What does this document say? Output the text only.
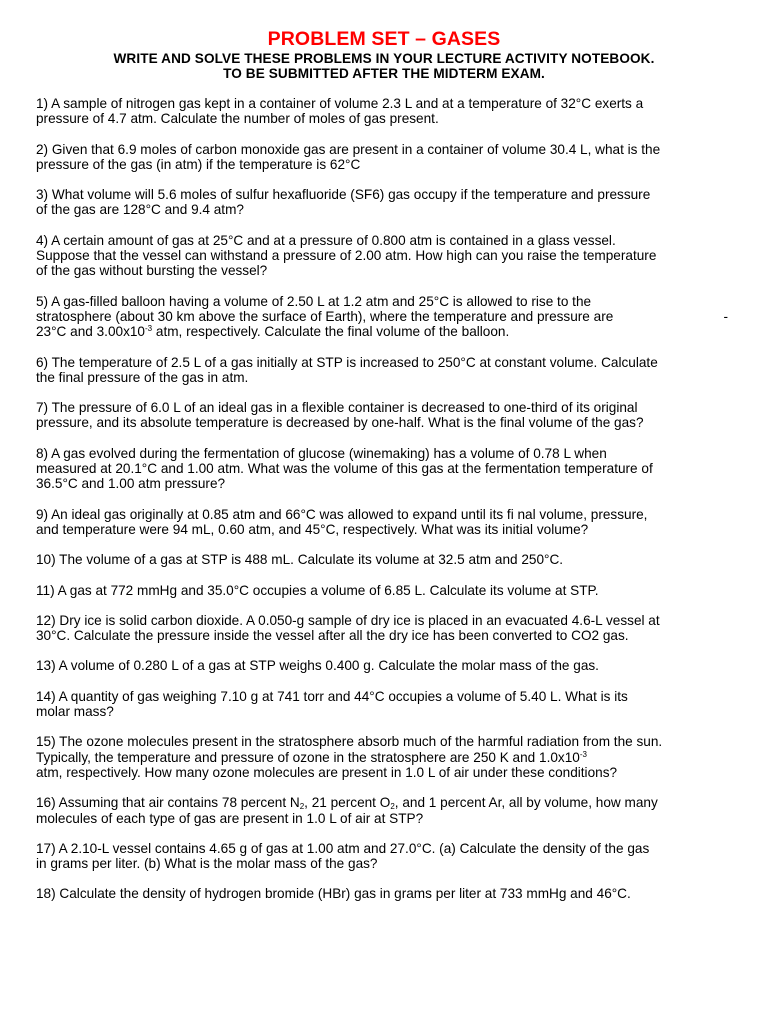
PROBLEM SET – GASES
WRITE AND SOLVE THESE PROBLEMS IN YOUR LECTURE ACTIVITY NOTEBOOK.
TO BE SUBMITTED AFTER THE MIDTERM EXAM.
1) A sample of nitrogen gas kept in a container of volume 2.3 L and at a temperature of 32°C exerts a
pressure of 4.7 atm. Calculate the number of moles of gas present.
2) Given that 6.9 moles of carbon monoxide gas are present in a container of volume 30.4 L, what is the
pressure of the gas (in atm) if the temperature is 62°C
3) What volume will 5.6 moles of sulfur hexafluoride (SF6) gas occupy if the temperature and pressure
of the gas are 128°C and 9.4 atm?
4) A certain amount of gas at 25°C and at a pressure of 0.800 atm is contained in a glass vessel.
Suppose that the vessel can withstand a pressure of 2.00 atm. How high can you raise the temperature
of the gas without bursting the vessel?
5) A gas-filled balloon having a volume of 2.50 L at 1.2 atm and 25°C is allowed to rise to the
stratosphere (about 30 km above the surface of Earth), where the temperature and pressure are	-
23°C and $3.00x10^{-3}$ atm, respectively. Calculate the final volume of the balloon.
6) The temperature of 2.5 L of a gas initially at STP is increased to 250°C at constant volume. Calculate
the final pressure of the gas in atm.
7) The pressure of 6.0 L of an ideal gas in a flexible container is decreased to one-third of its original
pressure, and its absolute temperature is decreased by one-half. What is the final volume of the gas?
8) A gas evolved during the fermentation of glucose (winemaking) has a volume of 0.78 L when
measured at 20.1°C and 1.00 atm. What was the volume of this gas at the fermentation temperature of
36.5°C and 1.00 atm pressure?
9) An ideal gas originally at 0.85 atm and 66°C was allowed to expand until its fi nal volume, pressure,
and temperature were 94 mL, 0.60 atm, and 45°C, respectively. What was its initial volume?
10) The volume of a gas at STP is 488 mL. Calculate its volume at 32.5 atm and 250°C.
11) A gas at 772 mmHg and 35.0°C occupies a volume of 6.85 L. Calculate its volume at STP.
12) Dry ice is solid carbon dioxide. A 0.050-g sample of dry ice is placed in an evacuated 4.6-L vessel at
30°C. Calculate the pressure inside the vessel after all the dry ice has been converted to CO2 gas.
13) A volume of 0.280 L of a gas at STP weighs 0.400 g. Calculate the molar mass of the gas.
14) A quantity of gas weighing 7.10 g at 741 torr and 44°C occupies a volume of 5.40 L. What is its
molar mass?
15) The ozone molecules present in the stratosphere absorb much of the harmful radiation from the sun.
Typically, the temperature and pressure of ozone in the stratosphere are 250 K and $1.0x10^{-3}$
atm, respectively. How many ozone molecules are present in 1.0 L of air under these conditions?
16) Assuming that air contains 78 percent $N_2$, 21 percent $O_2$, and 1 percent Ar, all by volume, how many
molecules of each type of gas are present in 1.0 L of air at STP?
17) A 2.10-L vessel contains 4.65 g of gas at 1.00 atm and 27.0°C. (a) Calculate the density of the gas
in grams per liter. (b) What is the molar mass of the gas?
18) Calculate the density of hydrogen bromide (HBr) gas in grams per liter at 733 mmHg and 46°C.
